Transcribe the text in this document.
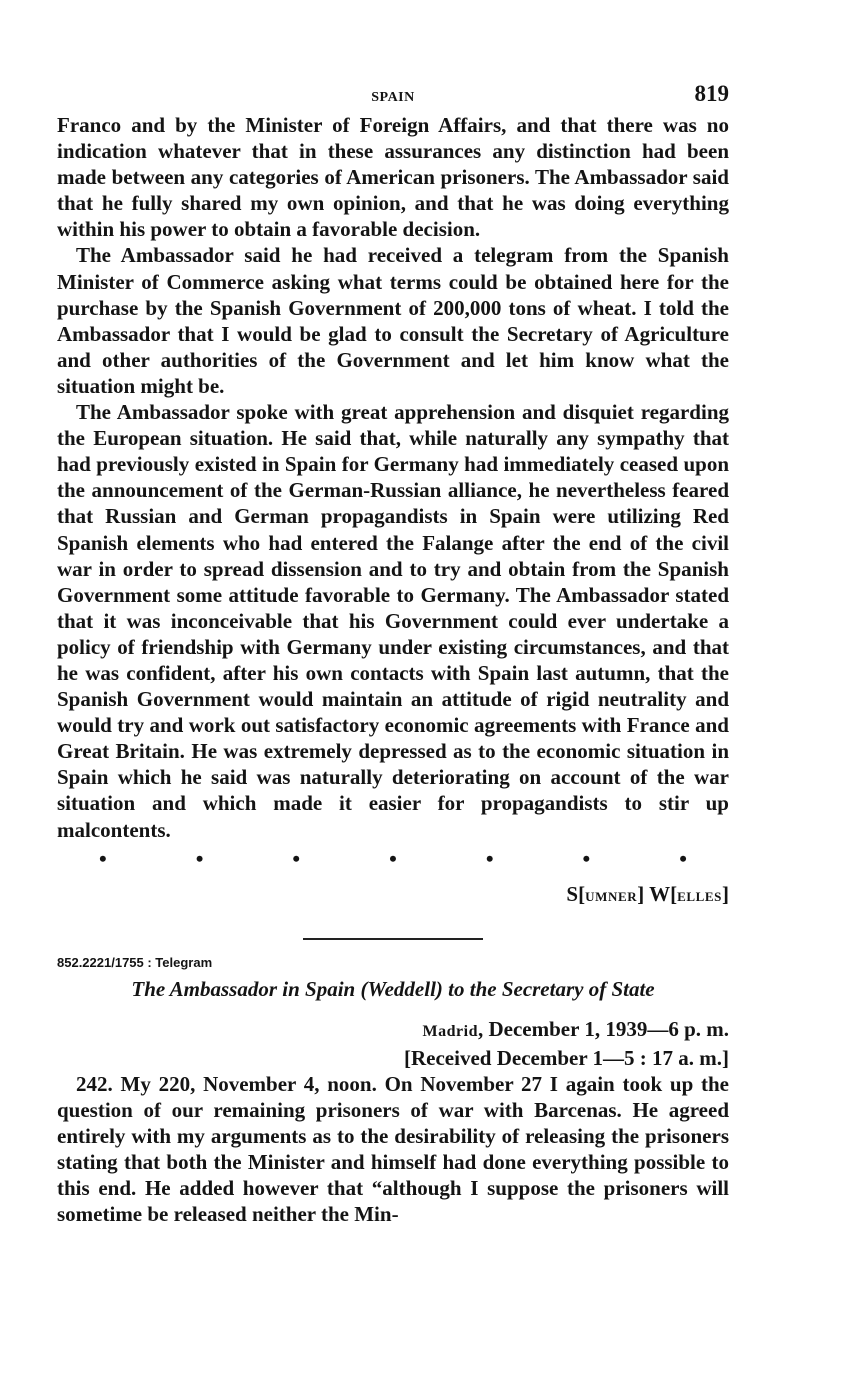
SPAIN	819

Franco and by the Minister of Foreign Affairs, and that there was no indication whatever that in these assurances any distinction had been made between any categories of American prisoners. The Ambassador said that he fully shared my own opinion, and that he was doing everything within his power to obtain a favorable decision.

The Ambassador said he had received a telegram from the Spanish Minister of Commerce asking what terms could be obtained here for the purchase by the Spanish Government of 200,000 tons of wheat. I told the Ambassador that I would be glad to consult the Secretary of Agriculture and other authorities of the Government and let him know what the situation might be.

The Ambassador spoke with great apprehension and disquiet regarding the European situation. He said that, while naturally any sympathy that had previously existed in Spain for Germany had immediately ceased upon the announcement of the German-Russian alliance, he nevertheless feared that Russian and German propagandists in Spain were utilizing Red Spanish elements who had entered the Falange after the end of the civil war in order to spread dissension and to try and obtain from the Spanish Government some attitude favorable to Germany. The Ambassador stated that it was inconceivable that his Government could ever undertake a policy of friendship with Germany under existing circumstances, and that he was confident, after his own contacts with Spain last autumn, that the Spanish Government would maintain an attitude of rigid neutrality and would try and work out satisfactory economic agreements with France and Great Britain. He was extremely depressed as to the economic situation in Spain which he said was naturally deteriorating on account of the war situation and which made it easier for propagandists to stir up malcontents.

•	•	•	•	•	•	•
S[UMNER] W[ELLES]
852.2221/1755 : Telegram
The Ambassador in Spain (Weddell) to the Secretary of State
Madrid, December 1, 1939—6 p. m.
[Received December 1—5 : 17 a. m.]

242. My 220, November 4, noon. On November 27 I again took up the question of our remaining prisoners of war with Barcenas. He agreed entirely with my arguments as to the desirability of releasing the prisoners stating that both the Minister and himself had done everything possible to this end. He added however that “although I suppose the prisoners will sometime be released neither the Min-
